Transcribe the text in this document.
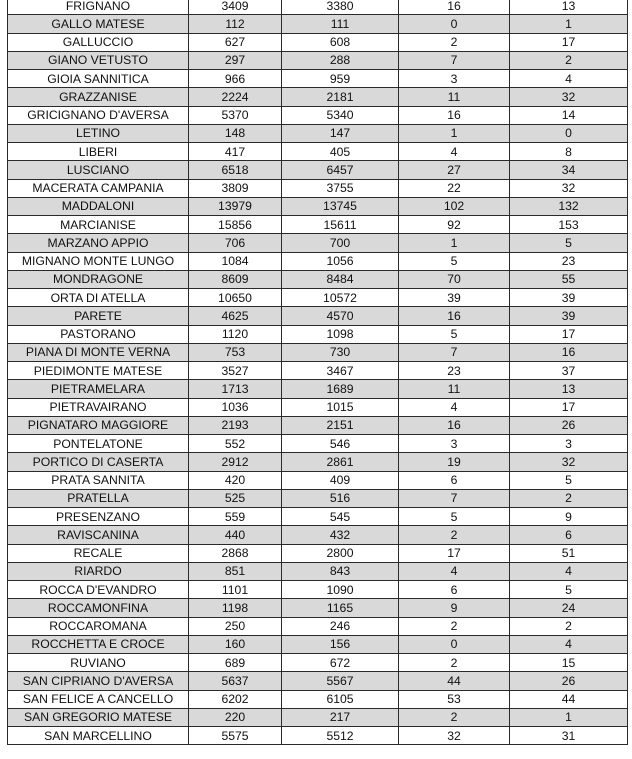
FRIGNANO	3409	3380	16	13
GALLO MATESE	112	111	0	1
GALLUCCIO	627	608	2	17
GIANO VETUSTO	297	288	7	2
GIOIA SANNITICA	966	959	3	4
GRAZZANISE	2224	2181	11	32
GRICIGNANO D'AVERSA	5370	5340	16	14
LETINO	148	147	1	0
LIBERI	417	405	4	8
LUSCIANO	6518	6457	27	34
MACERATA CAMPANIA	3809	3755	22	32
MADDALONI	13979	13745	102	132
MARCIANISE	15856	15611	92	153
MARZANO APPIO	706	700	1	5
MIGNANO MONTE LUNGO	1084	1056	5	23
MONDRAGONE	8609	8484	70	55
ORTA DI ATELLA	10650	10572	39	39
PARETE	4625	4570	16	39
PASTORANO	1120	1098	5	17
PIANA DI MONTE VERNA	753	730	7	16
PIEDIMONTE MATESE	3527	3467	23	37
PIETRAMELARA	1713	1689	11	13
PIETRAVAIRANO	1036	1015	4	17
PIGNATARO MAGGIORE	2193	2151	16	26
PONTELATONE	552	546	3	3
PORTICO DI CASERTA	2912	2861	19	32
PRATA SANNITA	420	409	6	5
PRATELLA	525	516	7	2
PRESENZANO	559	545	5	9
RAVISCANINA	440	432	2	6
RECALE	2868	2800	17	51
RIARDO	851	843	4	4
ROCCA D'EVANDRO	1101	1090	6	5
ROCCAMONFINA	1198	1165	9	24
ROCCAROMANA	250	246	2	2
ROCCHETTA E CROCE	160	156	0	4
RUVIANO	689	672	2	15
SAN CIPRIANO D'AVERSA	5637	5567	44	26
SAN FELICE A CANCELLO	6202	6105	53	44
SAN GREGORIO MATESE	220	217	2	1
SAN MARCELLINO	5575	5512	32	31
